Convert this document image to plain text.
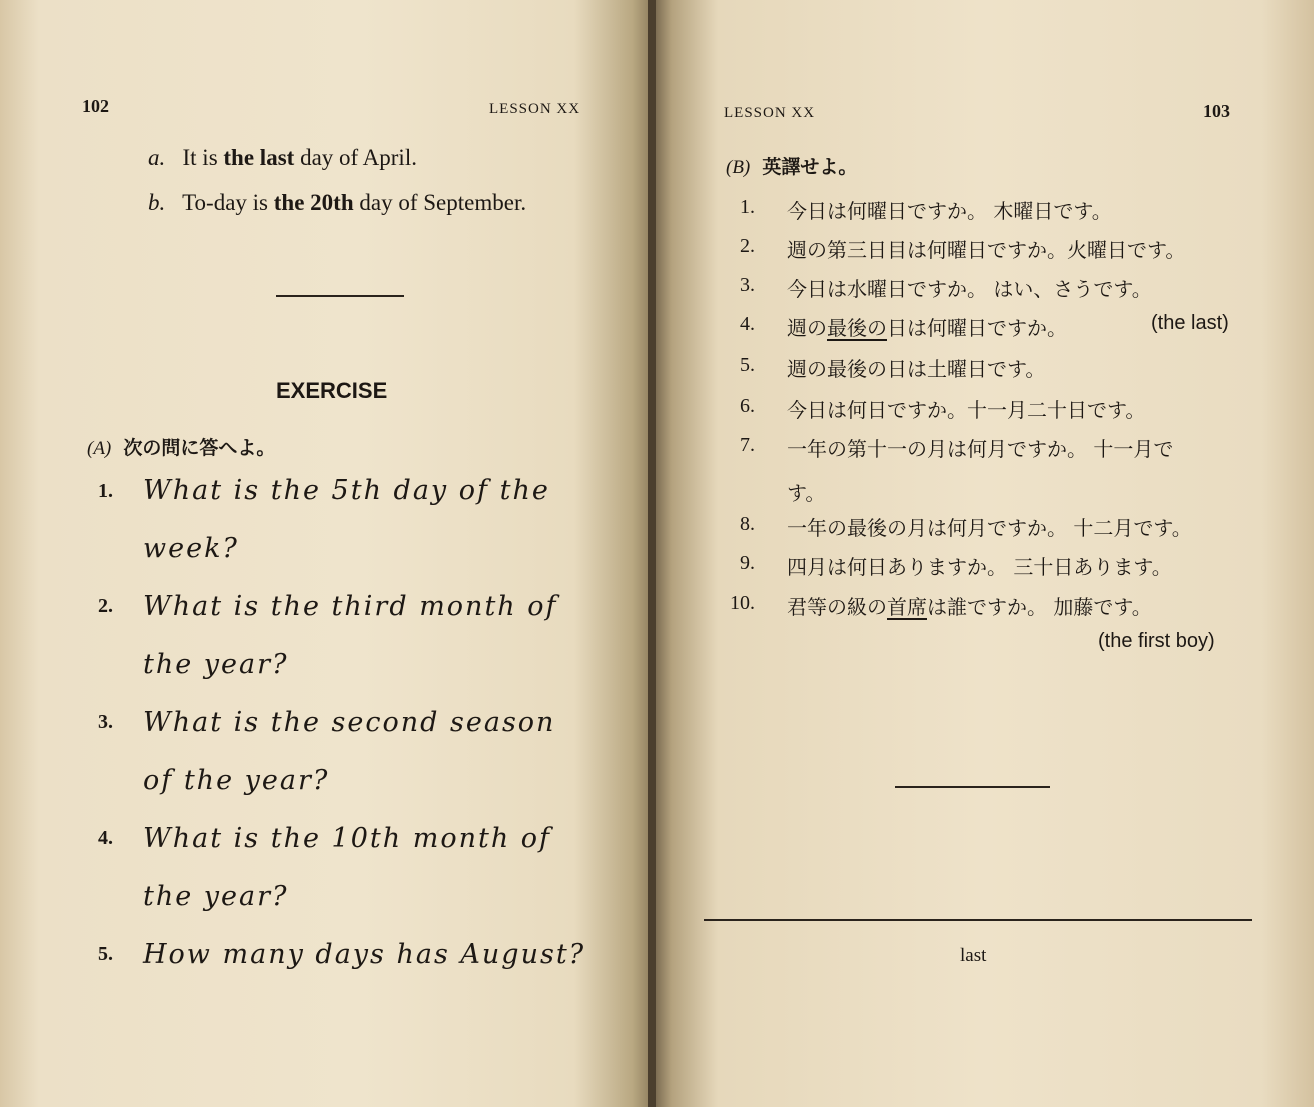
102	LESSON XX
a. It is the last day of April.
b. To-day is the 20th day of September.
EXERCISE
(A) 次の問に答へよ。
1. What is the 5th day of the
week?
2. What is the third month of
the year?
3. What is the second season
of the year?
4. What is the 10th month of
the year?
5. How many days has August?
LESSON XX	103
(B) 英譯せよ。
1. 今日は何曜日ですか。 木曜日です。
2. 週の第三日目は何曜日ですか。火曜日です。
3. 今日は水曜日ですか。 はい、さうです。
4. 週の最後の日は何曜日ですか。	(the last)
5. 週の最後の日は土曜日です。
6. 今日は何日ですか。十一月二十日です。
7. 一年の第十一の月は何月ですか。 十一月で
す。
8. 一年の最後の月は何月ですか。 十二月です。
9. 四月は何日ありますか。 三十日あります。
10. 君等の級の首席は誰ですか。 加藤です。
(the first boy)
last
